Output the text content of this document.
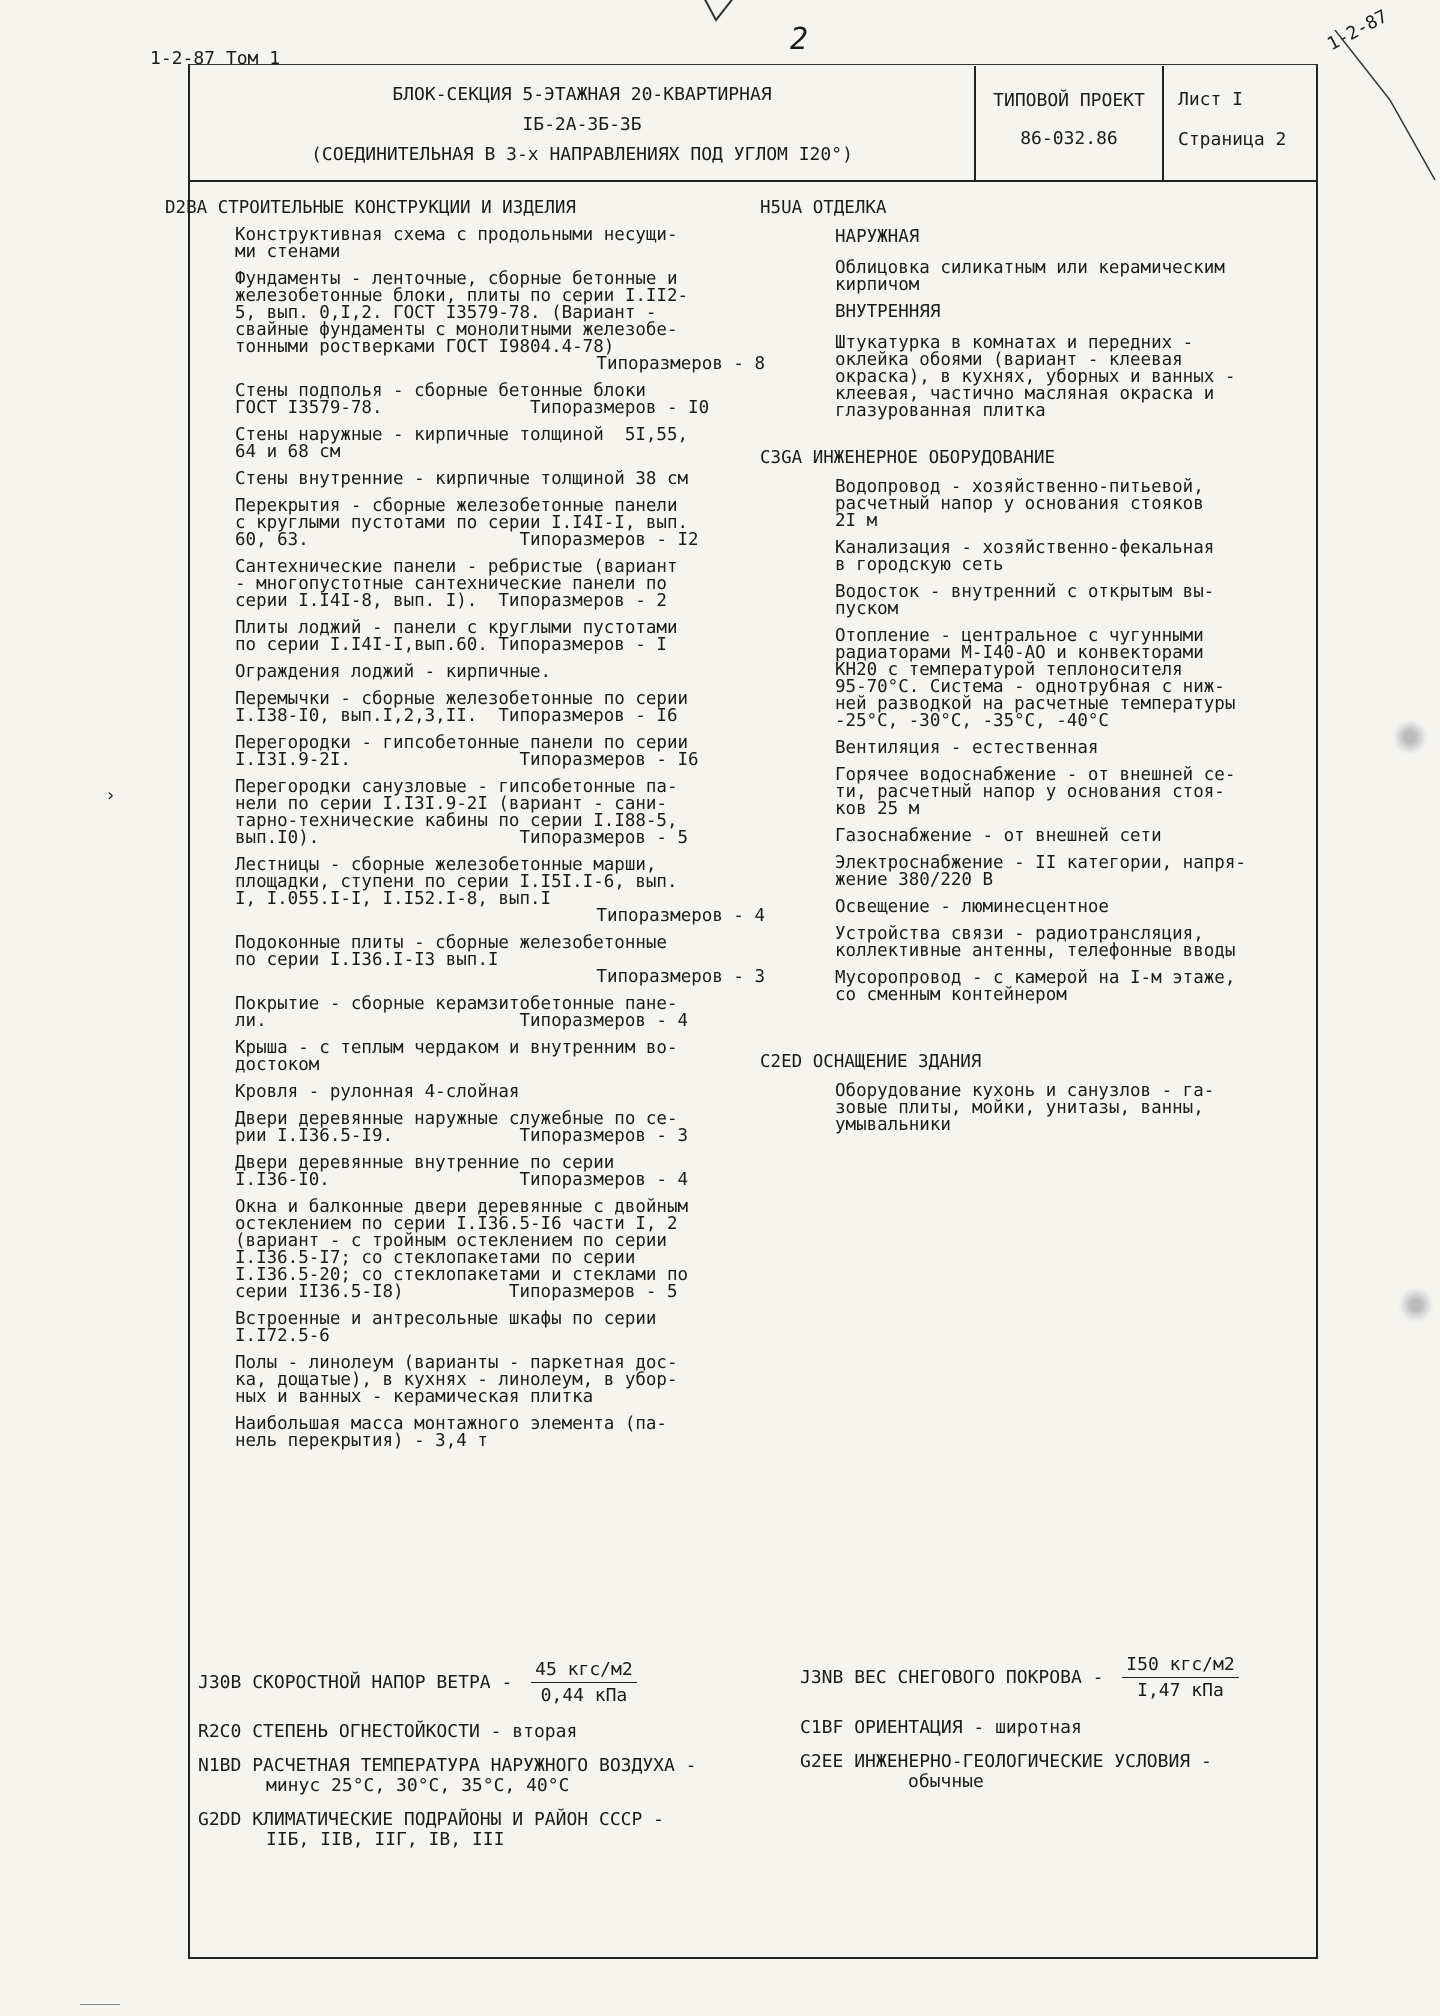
1-2-87 Том 1
2	1-2-87
›
БЛОК-СЕКЦИЯ 5-ЭТАЖНАЯ 20-КВАРТИРНАЯ
IБ-2А-3Б-3Б
(СОЕДИНИТЕЛЬНАЯ В 3-х НАПРАВЛЕНИЯХ ПОД УГЛОМ I20°)
ТИПОВОЙ ПРОЕКТ
86-032.86
Лист I
Страница 2
D2BA СТРОИТЕЛЬНЫЕ КОНСТРУКЦИИ И ИЗДЕЛИЯ
Конструктивная схема с продольными несущи-
ми стенами
Фундаменты - ленточные, сборные бетонные и
железобетонные блоки, плиты по серии I.II2-
5, вып. 0,I,2. ГОСТ I3579-78. (Вариант -
свайные фундаменты с монолитными железобе-
тонными ростверками ГОСТ I9804.4-78)
Типоразмеров - 8
Стены подполья - сборные бетонные блоки
ГОСТ I3579-78.              Типоразмеров - I0
Стены наружные - кирпичные толщиной  5I,55,
64 и 68 см
Стены внутренние - кирпичные толщиной 38 см
Перекрытия - сборные железобетонные панели
с круглыми пустотами по серии I.I4I-I, вып.
60, 63.                    Типоразмеров - I2
Сантехнические панели - ребристые (вариант
- многопустотные сантехнические панели по
серии I.I4I-8, вып. I).  Типоразмеров - 2
Плиты лоджий - панели с круглыми пустотами
по серии I.I4I-I,вып.60. Типоразмеров - I
Ограждения лоджий - кирпичные.
Перемычки - сборные железобетонные по серии
I.I38-I0, вып.I,2,3,II.  Типоразмеров - I6
Перегородки - гипсобетонные панели по серии
I.I3I.9-2I.                Типоразмеров - I6
Перегородки санузловые - гипсобетонные па-
нели по серии I.I3I.9-2I (вариант - сани-
тарно-технические кабины по серии I.I88-5,
вып.I0).                   Типоразмеров - 5
Лестницы - сборные железобетонные марши,
площадки, ступени по серии I.I5I.I-6, вып.
I, I.055.I-I, I.I52.I-8, вып.I
Типоразмеров - 4
Подоконные плиты - сборные железобетонные
по серии I.I36.I-I3 вып.I
Типоразмеров - 3
Покрытие - сборные керамзитобетонные пане-
ли.                        Типоразмеров - 4
Крыша - с теплым чердаком и внутренним во-
достоком
Кровля - рулонная 4-слойная
Двери деревянные наружные служебные по се-
рии I.I36.5-I9.            Типоразмеров - 3
Двери деревянные внутренние по серии
I.I36-I0.                  Типоразмеров - 4
Окна и балконные двери деревянные с двойным
остеклением по серии I.I36.5-I6 части I, 2
(вариант - с тройным остеклением по серии
I.I36.5-I7; со стеклопакетами по серии
I.I36.5-20; со стеклопакетами и стеклами по
серии II36.5-I8)          Типоразмеров - 5
Встроенные и антресольные шкафы по серии
I.I72.5-6
Полы - линолеум (варианты - паркетная дос-
ка, дощатые), в кухнях - линолеум, в убор-
ных и ванных - керамическая плитка
Наибольшая масса монтажного элемента (па-
нель перекрытия) - 3,4 т
H5UA ОТДЕЛКА
НАРУЖНАЯ
Облицовка силикатным или керамическим
кирпичом
ВНУТРЕННЯЯ
Штукатурка в комнатах и передних -
оклейка обоями (вариант - клеевая
окраска), в кухнях, уборных и ванных -
клеевая, частично масляная окраска и
глазурованная плитка
C3GA ИНЖЕНЕРНОЕ ОБОРУДОВАНИЕ
Водопровод - хозяйственно-питьевой,
расчетный напор у основания стояков
2I м
Канализация - хозяйственно-фекальная
в городскую сеть
Водосток - внутренний с открытым вы-
пуском
Отопление - центральное с чугунными
радиаторами М-I40-АО и конвекторами
КН20 с температурой теплоносителя
95-70°С. Система - однотрубная с ниж-
ней разводкой на расчетные температуры
-25°С, -30°С, -35°С, -40°С
Вентиляция - естественная
Горячее водоснабжение - от внешней се-
ти, расчетный напор у основания стоя-
ков 25 м
Газоснабжение - от внешней сети
Электроснабжение - II категории, напря-
жение 380/220 В
Освещение - люминесцентное
Устройства связи - радиотрансляция,
коллективные антенны, телефонные вводы
Мусоропровод - с камерой на I-м этаже,
со сменным контейнером
C2ED ОСНАЩЕНИЕ ЗДАНИЯ
Оборудование кухонь и санузлов - га-
зовые плиты, мойки, унитазы, ванны,
умывальники
J30B СКОРОСТНОЙ НАПОР ВЕТРА - $\frac{\text{45 кгс/м2}}{\text{0,44 кПа}}$	J3NB ВЕС СНЕГОВОГО ПОКРОВА - $\frac{\text{I50 кгс/м2}}{\text{I,47 кПа}}$
R2C0 СТЕПЕНЬ ОГНЕСТОЙКОСТИ - вторая	C1BF ОРИЕНТАЦИЯ - широтная
N1BD РАСЧЕТНАЯ ТЕМПЕРАТУРА НАРУЖНОГО ВОЗДУХА -
минус 25°С, 30°С, 35°С, 40°С
G2EE ИНЖЕНЕРНО-ГЕОЛОГИЧЕСКИЕ УСЛОВИЯ -
обычные
G2DD КЛИМАТИЧЕСКИЕ ПОДРАЙОНЫ И РАЙОН СССР -
IIБ, IIВ, IIГ, IВ, III
